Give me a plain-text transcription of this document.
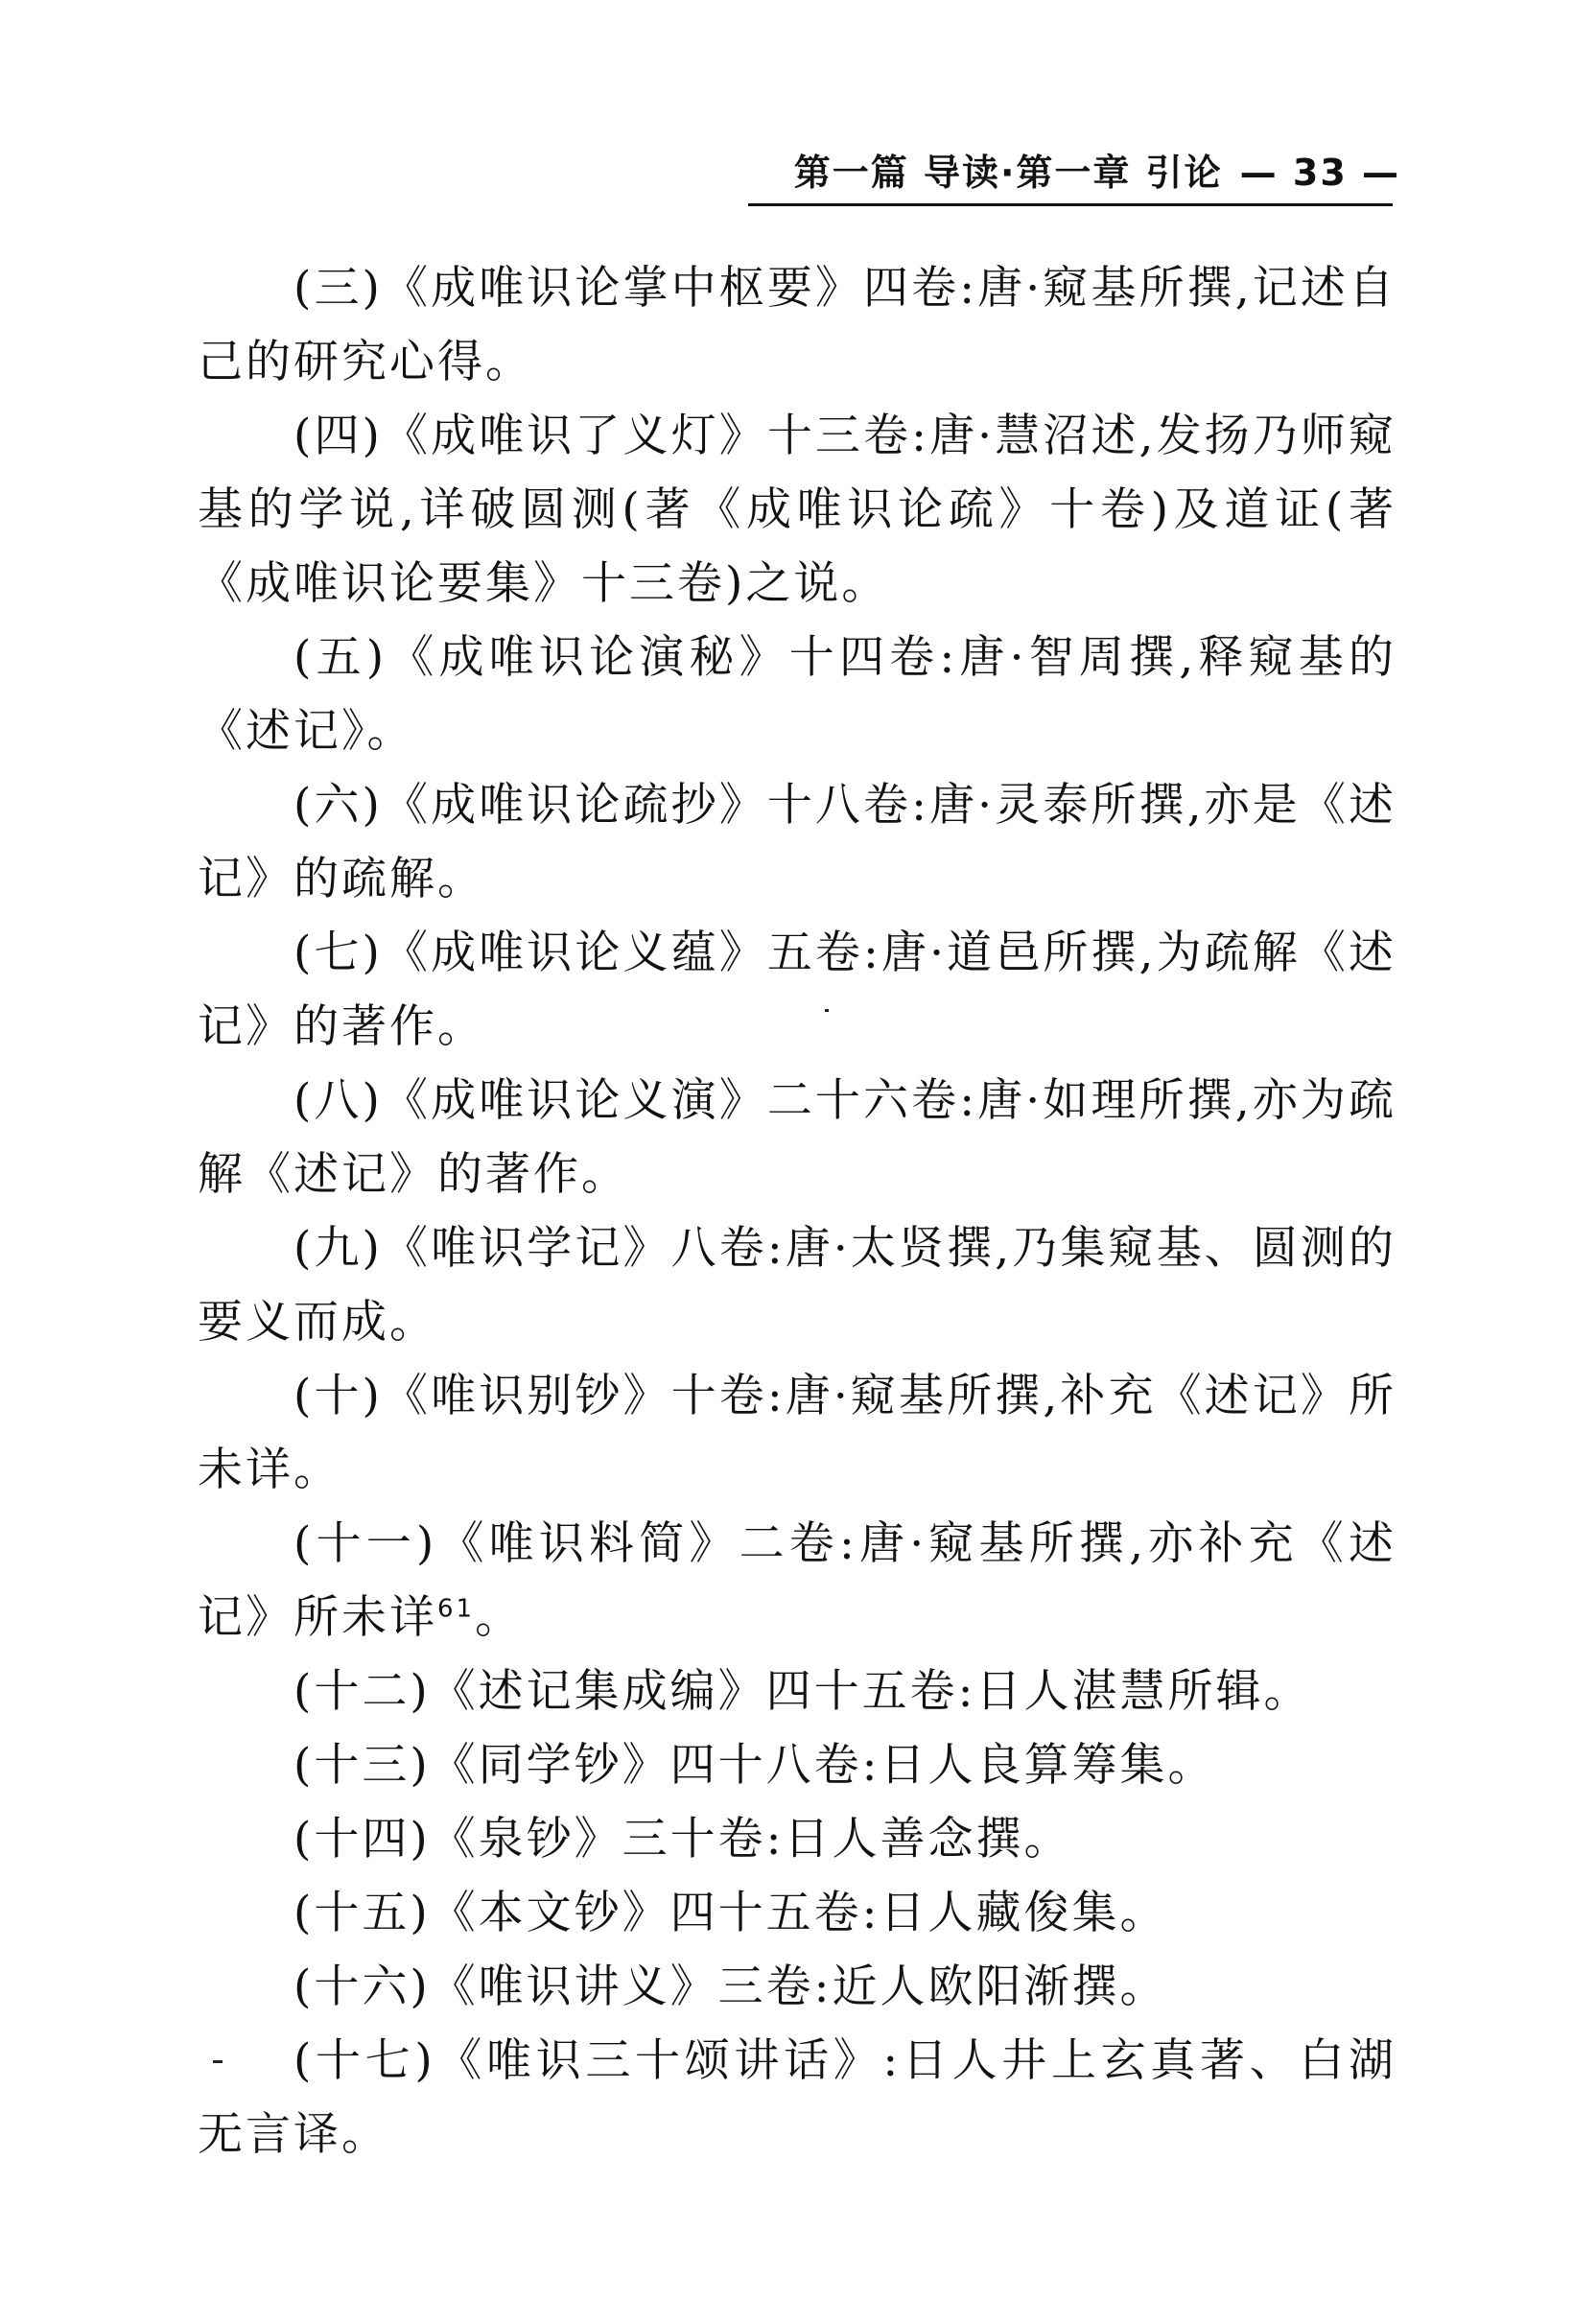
第一篇 导读·第一章 引论 — 33 —

(三)《成唯识论掌中枢要》四卷:唐·窥基所撰,记述自己的研究心得。

(四)《成唯识了义灯》十三卷:唐·慧沼述,发扬乃师窥基的学说,详破圆测(著《成唯识论疏》十卷)及道证(著《成唯识论要集》十三卷)之说。

(五)《成唯识论演秘》十四卷:唐·智周撰,释窥基的《述记》。

(六)《成唯识论疏抄》十八卷:唐·灵泰所撰,亦是《述记》的疏解。

(七)《成唯识论义蕴》五卷:唐·道邑所撰,为疏解《述记》的著作。

(八)《成唯识论义演》二十六卷:唐·如理所撰,亦为疏解《述记》的著作。

(九)《唯识学记》八卷:唐·太贤撰,乃集窥基、圆测的要义而成。

(十)《唯识别钞》十卷:唐·窥基所撰,补充《述记》所未详。

(十一)《唯识料简》二卷:唐·窥基所撰,亦补充《述记》所未详$^{61}$。

(十二)《述记集成编》四十五卷:日人湛慧所辑。

(十三)《同学钞》四十八卷:日人良算筹集。

(十四)《泉钞》三十卷:日人善念撰。

(十五)《本文钞》四十五卷:日人藏俊集。

(十六)《唯识讲义》三卷:近人欧阳渐撰。

(十七)《唯识三十颂讲话》:日人井上玄真著、白湖无言译。
